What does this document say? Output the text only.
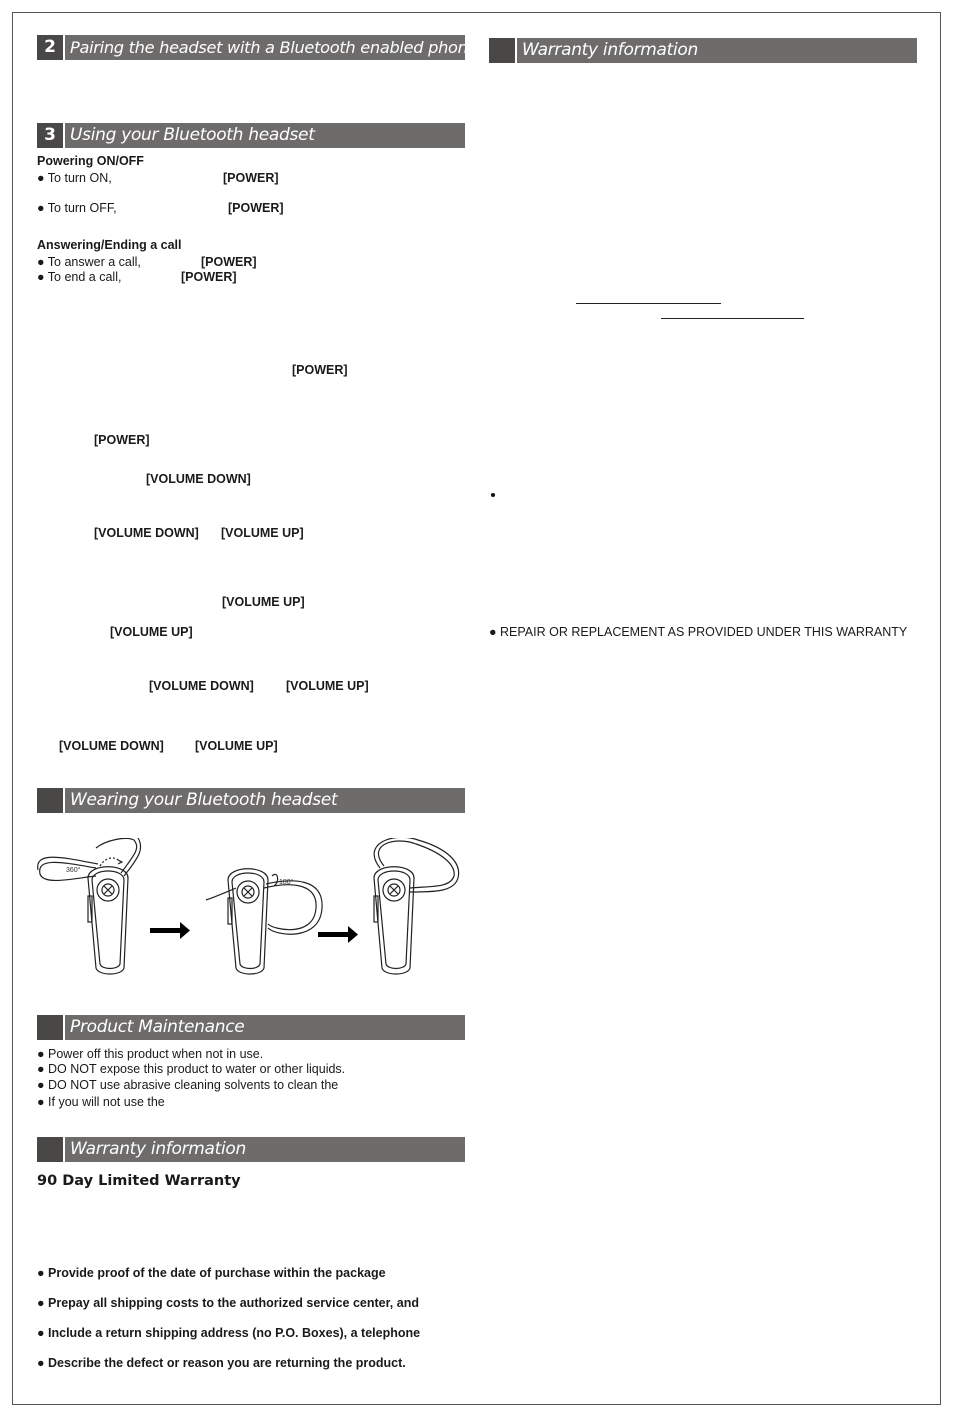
2 Pairing the headset with a Bluetooth enabled phone
3 Using your Bluetooth headset
Powering ON/OFF
● To turn ON,	[POWER]
● To turn OFF,	[POWER]
Answering/Ending a call
● To answer a call,	[POWER]
● To end a call,	[POWER]
[POWER]
[POWER]
[VOLUME DOWN]
[VOLUME DOWN] [VOLUME UP]
[VOLUME UP]
[VOLUME UP]
[VOLUME DOWN]	[VOLUME UP]
[VOLUME DOWN] [VOLUME UP]
Wearing your Bluetooth headset
360°
180°
Product Maintenance
● Power off this product when not in use.
● DO NOT expose this product to water or other liquids.
● DO NOT use abrasive cleaning solvents to clean the
● If you will not use the
Warranty information
90 Day Limited Warranty
● Provide proof of the date of purchase within the package
● Prepay all shipping costs to the authorized service center, and
● Include a return shipping address (no P.O. Boxes), a telephone
● Describe the defect or reason you are returning the product.
Warranty information
● REPAIR OR REPLACEMENT AS PROVIDED UNDER THIS WARRANTY
